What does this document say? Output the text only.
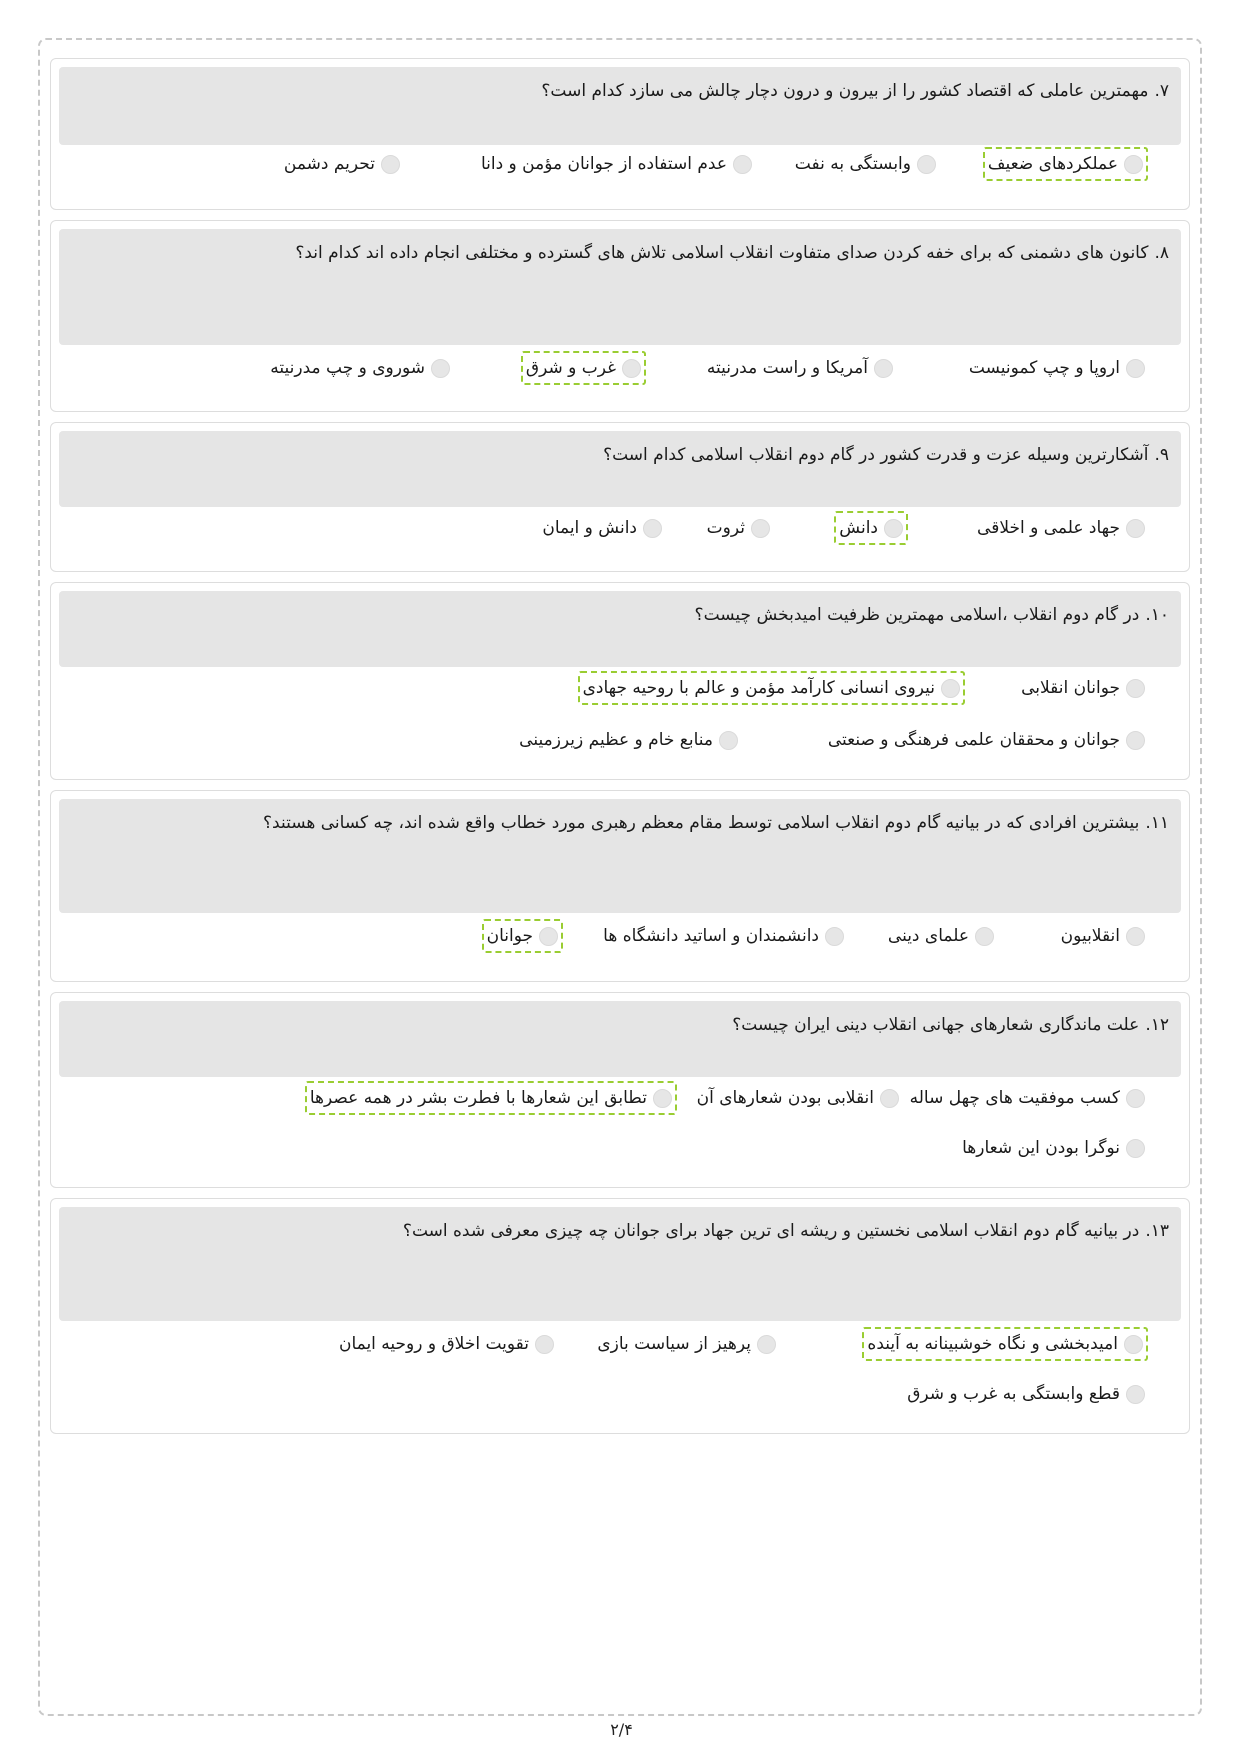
۷.مهمترین عاملی که اقتصاد کشور را از بیرون و درون دچار چالش می سازد کدام است؟
عملکردهای ضعیف
وابستگی به نفت
عدم استفاده از جوانان مؤمن و دانا
تحریم دشمن
۸.کانون های دشمنی که برای خفه کردن صدای متفاوت انقلاب اسلامی تلاش های گسترده و مختلفی انجام داده اند کدام اند؟
اروپا و چپ کمونیست
آمریکا و راست مدرنیته
غرب و شرق
شوروی و چپ مدرنیته
۹.آشکارترین وسیله عزت و قدرت کشور در گام دوم انقلاب اسلامی کدام است؟
جهاد علمی و اخلاقی
دانش
ثروت
دانش و ایمان
۱۰.در گام دوم انقلاب ،اسلامی مهمترین ظرفیت امیدبخش چیست؟
جوانان انقلابی
نیروی انسانی کارآمد مؤمن و عالم با روحیه جهادی
جوانان و محققان علمی فرهنگی و صنعتی
منابع خام و عظیم زیرزمینی
۱۱.بیشترین افرادی که در بیانیه گام دوم انقلاب اسلامی توسط مقام معظم رهبری مورد خطاب واقع شده اند، چه کسانی هستند؟
انقلابیون
علمای دینی
دانشمندان و اساتید دانشگاه ها
جوانان
۱۲.علت ماندگاری شعارهای جهانی انقلاب دینی ایران چیست؟
کسب موفقیت های چهل ساله
انقلابی بودن شعارهای آن
تطابق این شعارها با فطرت بشر در همه عصرها
نوگرا بودن این شعارها
۱۳.در بیانیه گام دوم انقلاب اسلامی نخستین و ریشه ای ترین جهاد برای جوانان چه چیزی معرفی شده است؟
امیدبخشی و نگاه خوشبینانه به آینده
پرهیز از سیاست بازی
تقویت اخلاق و روحیه ایمان
قطع وابستگی به غرب و شرق
۲/۴
